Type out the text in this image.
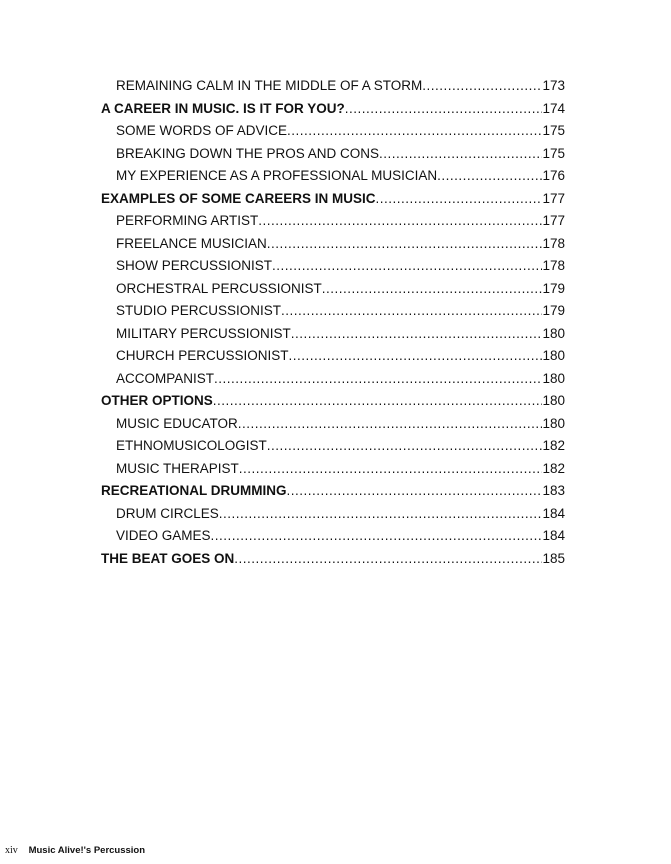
REMAINING CALM IN THE MIDDLE OF A STORM .....	173
A CAREER IN MUSIC. IS IT FOR YOU? .....	174
SOME WORDS OF ADVICE .....	175
BREAKING DOWN THE PROS AND CONS .....	175
MY EXPERIENCE AS A PROFESSIONAL MUSICIAN .....	176
EXAMPLES OF SOME CAREERS IN MUSIC .....	177
PERFORMING ARTIST .....	177
FREELANCE MUSICIAN .....	178
SHOW PERCUSSIONIST .....	178
ORCHESTRAL PERCUSSIONIST .....	179
STUDIO PERCUSSIONIST .....	179
MILITARY PERCUSSIONIST .....	180
CHURCH PERCUSSIONIST .....	180
ACCOMPANIST .....	180
OTHER OPTIONS .....	180
MUSIC EDUCATOR .....	180
ETHNOMUSICOLOGIST .....	182
MUSIC THERAPIST .....	182
RECREATIONAL DRUMMING .....	183
DRUM CIRCLES .....	184
VIDEO GAMES .....	184
THE BEAT GOES ON .....	185
xiv Music Alive!'s Percussion
